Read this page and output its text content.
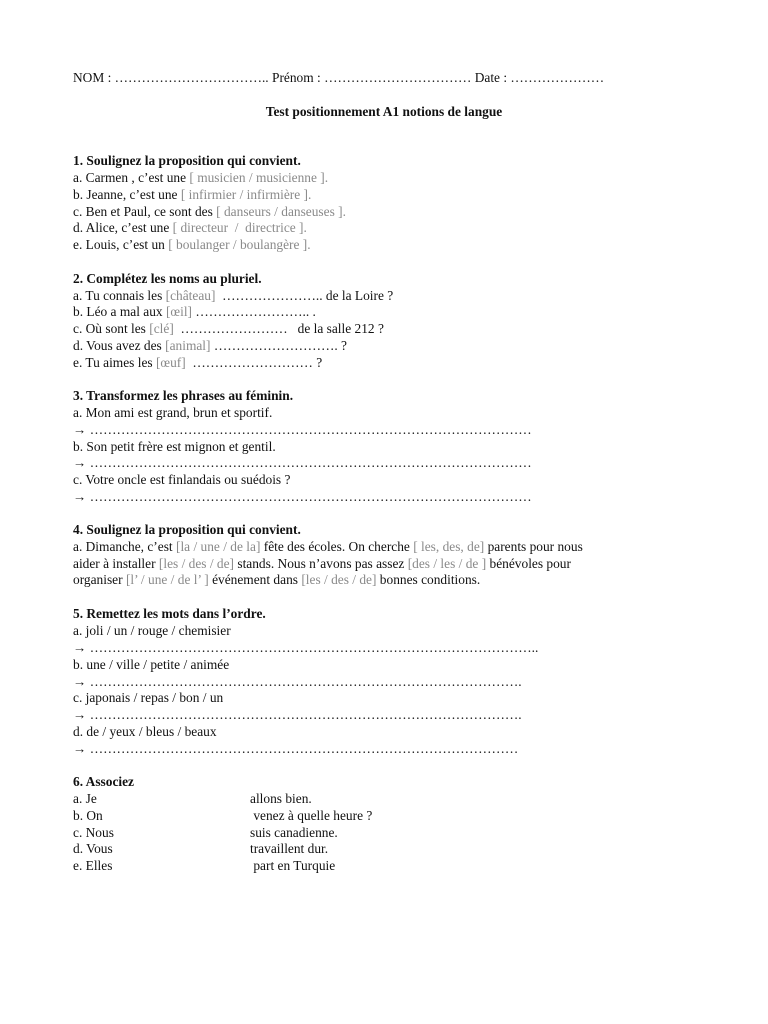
NOM : …………………………….. Prénom : …………………………… Date : …………………
Test positionnement A1 notions de langue
1. Soulignez la proposition qui convient.
a. Carmen , c’est une [ musicien / musicienne ].
b. Jeanne, c’est une [ infirmier / infirmière ].
c. Ben et Paul, ce sont des [ danseurs / danseuses ].
d. Alice, c’est une [ directeur  /  directrice ].
e. Louis, c’est un [ boulanger / boulangère ].
2. Complétez les noms au pluriel.
a. Tu connais les [château]  ………………….. de la Loire ?
b. Léo a mal aux [œil] …………………….. .
c. Où sont les [clé]  ……………………   de la salle 212 ?
d. Vous avez des [animal] ………………………. ?
e. Tu aimes les [œuf]  ……………………… ?
3. Transformez les phrases au féminin.
a. Mon ami est grand, brun et sportif.
→ ………………………………………………………………………………………
b. Son petit frère est mignon et gentil.
→ ………………………………………………………………………………………
c. Votre oncle est finlandais ou suédois ?
→ ………………………………………………………………………………………
4. Soulignez la proposition qui convient.
a. Dimanche, c’est [la / une / de la] fête des écoles. On cherche [ les, des, de] parents pour nous
aider à installer [les / des / de] stands. Nous n’avons pas assez [des / les / de ] bénévoles pour
organiser [l’ / une / de l’ ] événement dans [les / des / de] bonnes conditions.
5. Remettez les mots dans l’ordre.
a. joli / un / rouge / chemisier
→ ………………………………………………………………………………………..
b. une / ville / petite / animée
→ …………………………………………………………………………………….
c. japonais / repas / bon / un
→ …………………………………………………………………………………….
d. de / yeux / bleus / beaux
→ ……………………………………………………………………………………
6. Associez
a. Je	allons bien.
b. On	venez à quelle heure ?
c. Nous	suis canadienne.
d. Vous	travaillent dur.
e. Elles	part en Turquie
